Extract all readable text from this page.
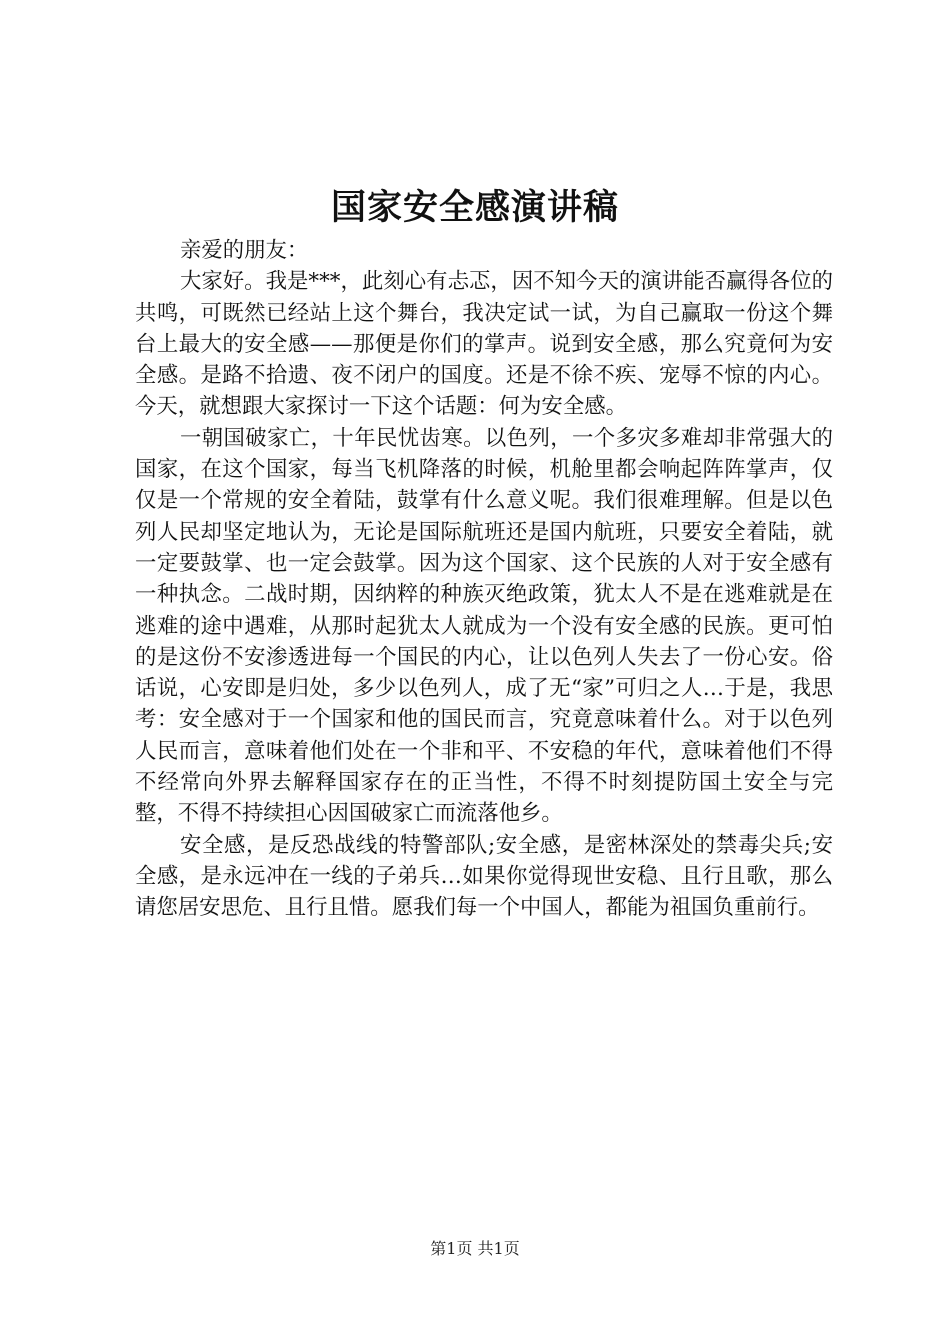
国家安全感演讲稿

亲爱的朋友：

大家好。我是***，此刻心有忐忑，因不知今天的演讲能否赢得各位的共鸣，可既然已经站上这个舞台，我决定试一试，为自己赢取一份这个舞台上最大的安全感——那便是你们的掌声。说到安全感，那么究竟何为安全感。是路不拾遗、夜不闭户的国度。还是不徐不疾、宠辱不惊的内心。今天，就想跟大家探讨一下这个话题：何为安全感。

一朝国破家亡，十年民忧齿寒。以色列，一个多灾多难却非常强大的国家，在这个国家，每当飞机降落的时候，机舱里都会响起阵阵掌声，仅仅是一个常规的安全着陆，鼓掌有什么意义呢。我们很难理解。但是以色列人民却坚定地认为，无论是国际航班还是国内航班，只要安全着陆，就一定要鼓掌、也一定会鼓掌。因为这个国家、这个民族的人对于安全感有一种执念。二战时期，因纳粹的种族灭绝政策，犹太人不是在逃难就是在逃难的途中遇难，从那时起犹太人就成为一个没有安全感的民族。更可怕的是这份不安渗透进每一个国民的内心，让以色列人失去了一份心安。俗话说，心安即是归处，多少以色列人，成了无“家”可归之人…于是，我思考：安全感对于一个国家和他的国民而言，究竟意味着什么。对于以色列人民而言，意味着他们处在一个非和平、不安稳的年代，意味着他们不得不经常向外界去解释国家存在的正当性，不得不时刻提防国土安全与完整，不得不持续担心因国破家亡而流落他乡。

安全感，是反恐战线的特警部队;安全感，是密林深处的禁毒尖兵;安全感，是永远冲在一线的子弟兵…如果你觉得现世安稳、且行且歌，那么请您居安思危、且行且惜。愿我们每一个中国人，都能为祖国负重前行。

第1页 共1页
